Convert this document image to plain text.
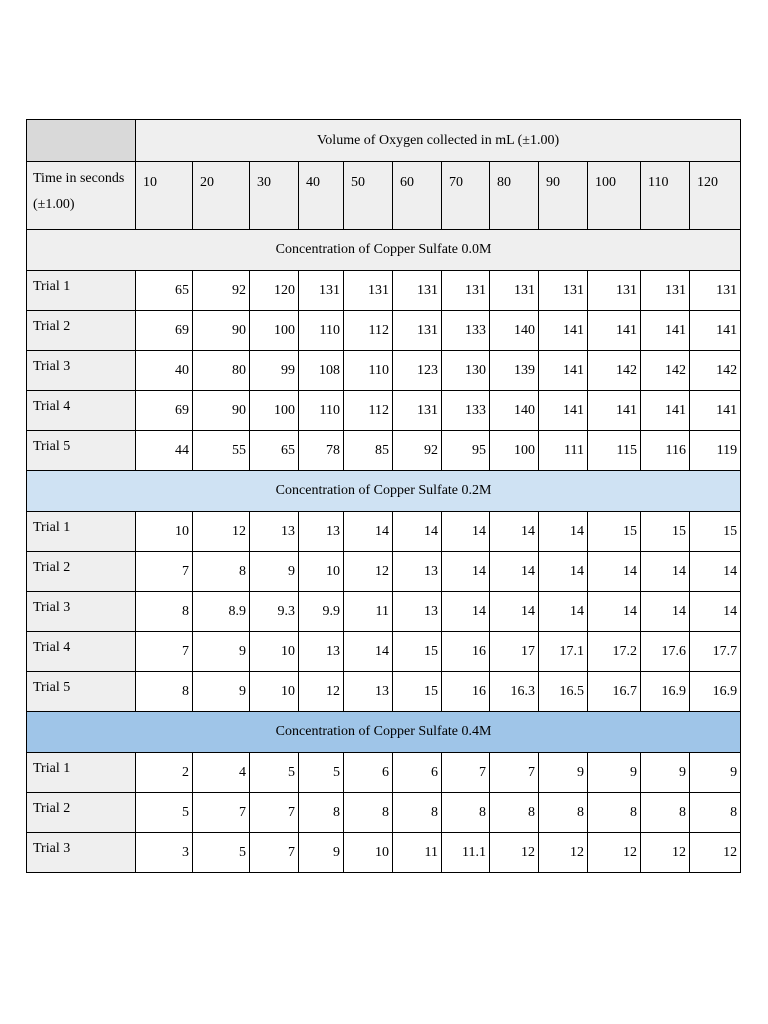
	Volume of Oxygen collected in mL (±1.00)											
Time in seconds (±1.00)	10	20	30	40	50	60	70	80	90	100	110	120
Concentration of Copper Sulfate 0.0M												
Trial 1	65	92	120	131	131	131	131	131	131	131	131	131
Trial 2	69	90	100	110	112	131	133	140	141	141	141	141
Trial 3	40	80	99	108	110	123	130	139	141	142	142	142
Trial 4	69	90	100	110	112	131	133	140	141	141	141	141
Trial 5	44	55	65	78	85	92	95	100	111	115	116	119
Concentration of Copper Sulfate 0.2M												
Trial 1	10	12	13	13	14	14	14	14	14	15	15	15
Trial 2	7	8	9	10	12	13	14	14	14	14	14	14
Trial 3	8	8.9	9.3	9.9	11	13	14	14	14	14	14	14
Trial 4	7	9	10	13	14	15	16	17	17.1	17.2	17.6	17.7
Trial 5	8	9	10	12	13	15	16	16.3	16.5	16.7	16.9	16.9
Concentration of Copper Sulfate 0.4M												
Trial 1	2	4	5	5	6	6	7	7	9	9	9	9
Trial 2	5	7	7	8	8	8	8	8	8	8	8	8
Trial 3	3	5	7	9	10	11	11.1	12	12	12	12	12
